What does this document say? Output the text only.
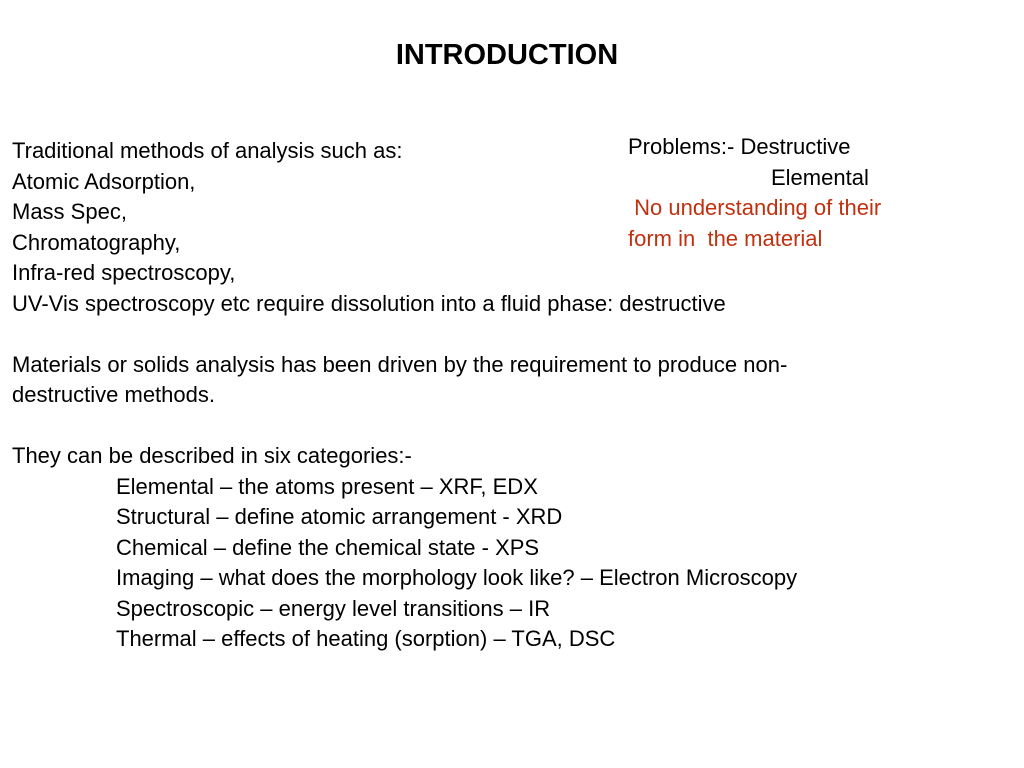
INTRODUCTION
Traditional methods of analysis such as:
Atomic Adsorption,
Mass Spec,
Chromatography,
Infra-red spectroscopy,
UV-Vis spectroscopy etc require dissolution into a fluid phase: destructive
Materials or solids analysis has been driven by the requirement to produce non-
destructive methods.
They can be described in six categories:-
Elemental – the atoms present – XRF, EDX
Structural – define atomic arrangement - XRD
Chemical – define the chemical state - XPS
Imaging – what does the morphology look like? – Electron Microscopy
Spectroscopic – energy level transitions – IR
Thermal – effects of heating (sorption) – TGA, DSC
Problems:- Destructive
Elemental
No understanding of their
form in  the material
